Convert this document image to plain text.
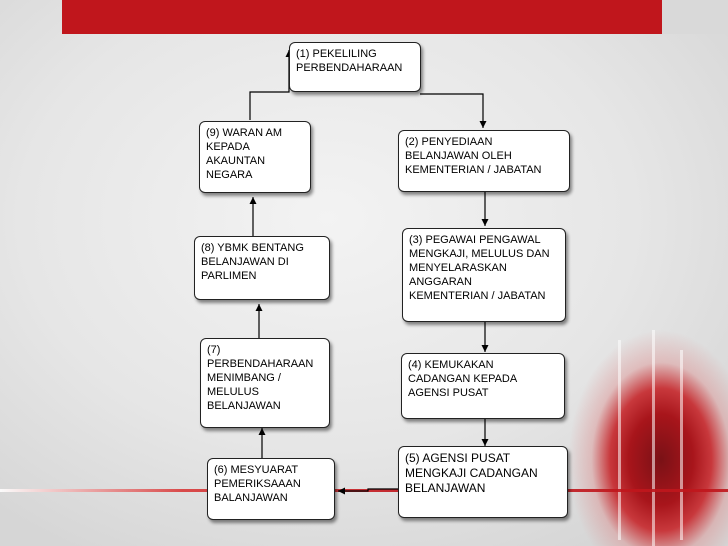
(1) PEKELILING
PERBENDAHARAAN
(9) WARAN AM
KEPADA
AKAUNTAN
NEGARA
(2) PENYEDIAAN
BELANJAWAN OLEH
KEMENTERIAN / JABATAN
(8) YBMK BENTANG
BELANJAWAN DI
PARLIMEN
(3) PEGAWAI PENGAWAL
MENGKAJI, MELULUS DAN
MENYELARASKAN
ANGGARAN
KEMENTERIAN / JABATAN
(7)
PERBENDAHARAAN
MENIMBANG /
MELULUS
BELANJAWAN
(4) KEMUKAKAN
CADANGAN KEPADA
AGENSI PUSAT
(5) AGENSI PUSAT
MENGKAJI CADANGAN
BELANJAWAN
(6) MESYUARAT
PEMERIKSAAAN
BALANJAWAN
